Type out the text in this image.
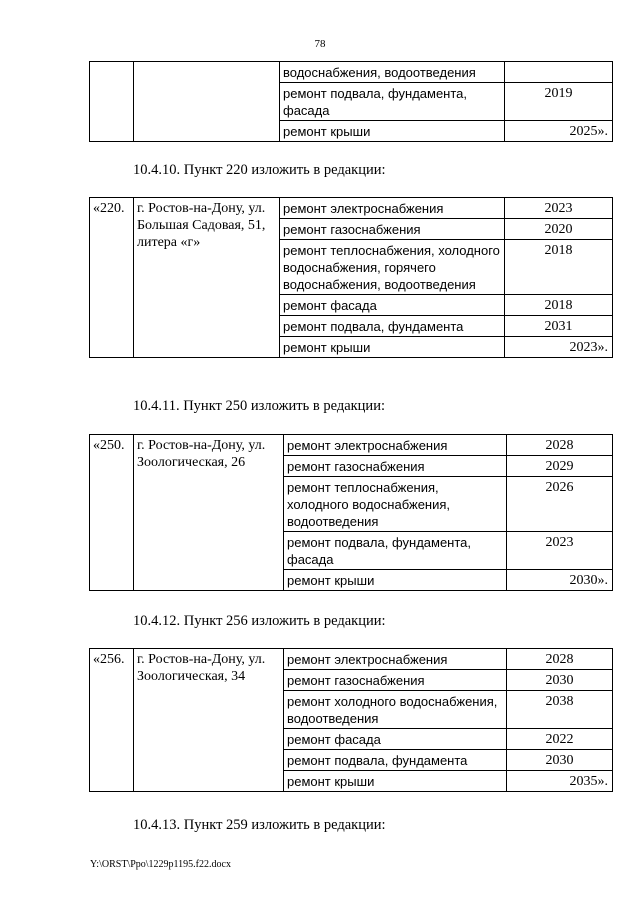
78
		водоснабжения, водоотведения	
		ремонт подвала, фундамента, фасада	2019
		ремонт крыши	2025».
10.4.10. Пункт 220 изложить в редакции:
«220.	г. Ростов-на-Дону, ул. Большая Садовая, 51, литера «г»	ремонт электроснабжения	2023
		ремонт газоснабжения	2020
		ремонт теплоснабжения, холодного водоснабжения, горячего водоснабжения, водоотведения	2018
		ремонт фасада	2018
		ремонт подвала, фундамента	2031
		ремонт крыши	2023».
10.4.11. Пункт 250 изложить в редакции:
«250.	г. Ростов-на-Дону, ул. Зоологическая, 26	ремонт электроснабжения	2028
		ремонт газоснабжения	2029
		ремонт теплоснабжения, холодного водоснабжения, водоотведения	2026
		ремонт подвала, фундамента, фасада	2023
		ремонт крыши	2030».
10.4.12. Пункт 256 изложить в редакции:
«256.	г. Ростов-на-Дону, ул. Зоологическая, 34	ремонт электроснабжения	2028
		ремонт газоснабжения	2030
		ремонт холодного водоснабжения, водоотведения	2038
		ремонт фасада	2022
		ремонт подвала, фундамента	2030
		ремонт крыши	2035».
10.4.13. Пункт 259 изложить в редакции:
Y:\ORST\Ppo\1229p1195.f22.docx
